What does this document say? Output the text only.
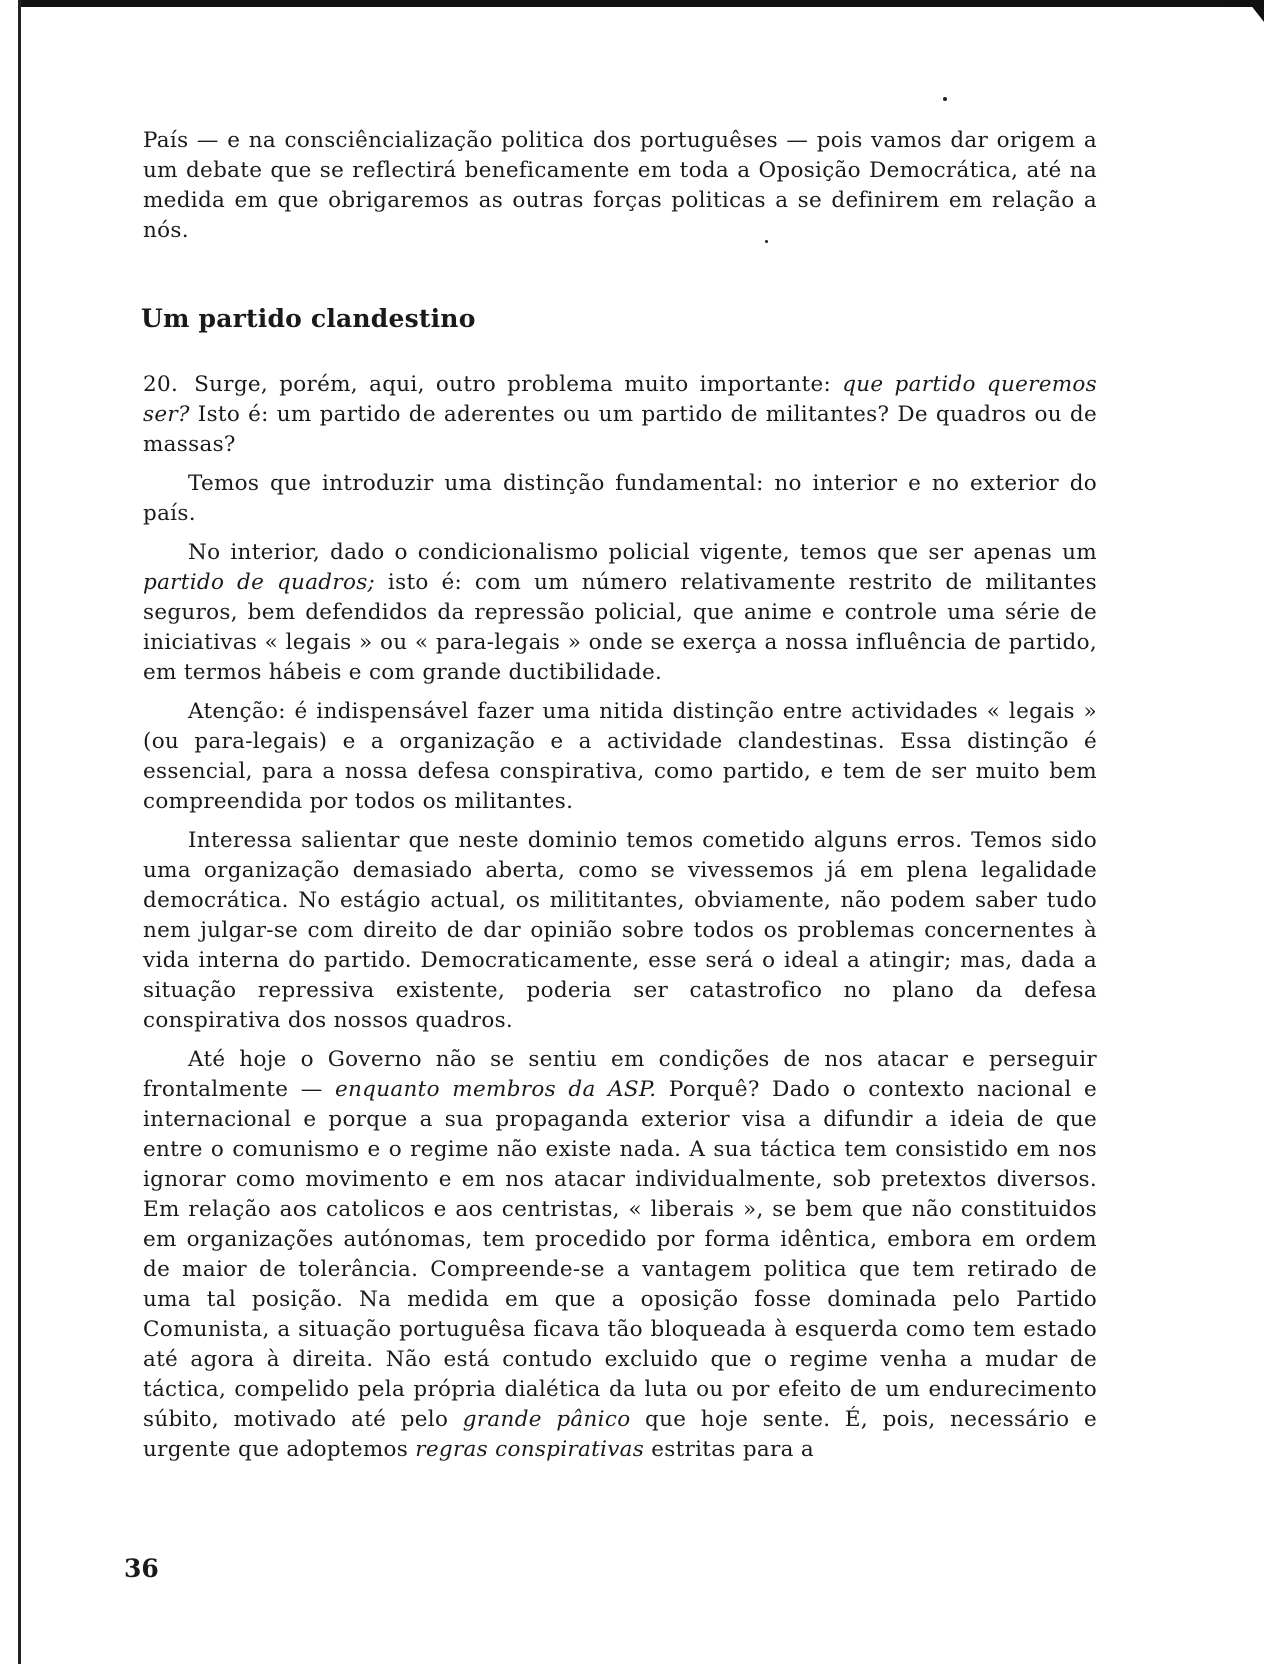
País — e na consciêncialização politica dos portuguêses — pois vamos dar origem a um debate que se reflectirá beneficamente em toda a Oposição Democrática, até na medida em que obrigaremos as outras forças politicas a se definirem em relação a nós.

Um partido clandestino

20. Surge, porém, aqui, outro problema muito importante: que partido queremos ser? Isto é: um partido de aderentes ou um partido de militantes? De quadros ou de massas?

Temos que introduzir uma distinção fundamental: no interior e no exterior do país.

No interior, dado o condicionalismo policial vigente, temos que ser apenas um partido de quadros; isto é: com um número relativamente restrito de militantes seguros, bem defendidos da repressão policial, que anime e controle uma série de iniciativas « legais » ou « para-legais » onde se exerça a nossa influência de partido, em termos hábeis e com grande ductibilidade.

Atenção: é indispensável fazer uma nitida distinção entre actividades « legais » (ou para-legais) e a organização e a actividade clandestinas. Essa distinção é essencial, para a nossa defesa conspirativa, como partido, e tem de ser muito bem compreendida por todos os militantes.

Interessa salientar que neste dominio temos cometido alguns erros. Temos sido uma organização demasiado aberta, como se vivessemos já em plena legalidade democrática. No estágio actual, os milititantes, obviamente, não podem saber tudo nem julgar-se com direito de dar opinião sobre todos os problemas concernentes à vida interna do partido. Democraticamente, esse será o ideal a atingir; mas, dada a situação repressiva existente, poderia ser catastrofico no plano da defesa conspirativa dos nossos quadros.

Até hoje o Governo não se sentiu em condições de nos atacar e perseguir frontalmente — enquanto membros da ASP. Porquê? Dado o contexto nacional e internacional e porque a sua propaganda exterior visa a difundir a ideia de que entre o comunismo e o regime não existe nada. A sua táctica tem consistido em nos ignorar como movimento e em nos atacar individualmente, sob pretextos diversos. Em relação aos catolicos e aos centristas, « liberais », se bem que não constituidos em organizações autónomas, tem procedido por forma idêntica, embora em ordem de maior de tolerância. Compreende-se a vantagem politica que tem retirado de uma tal posição. Na medida em que a oposição fosse dominada pelo Partido Comunista, a situação portuguêsa ficava tão bloqueada à esquerda como tem estado até agora à direita. Não está contudo excluido que o regime venha a mudar de táctica, compelido pela própria dialética da luta ou por efeito de um endurecimento súbito, motivado até pelo grande pânico que hoje sente. É, pois, necessário e urgente que adoptemos regras conspirativas estritas para a

36
